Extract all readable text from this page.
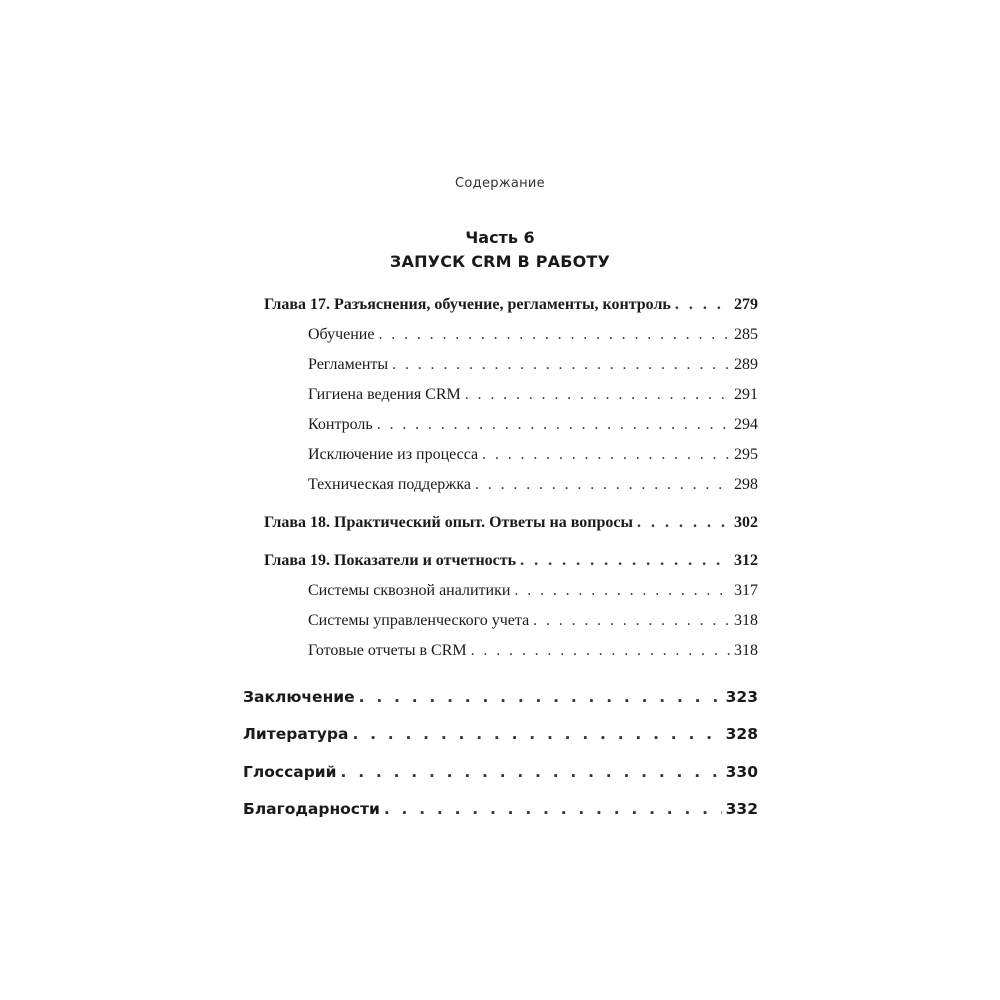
Содержание
Часть 6
ЗАПУСК CRM В РАБОТУ
Глава 17. Разъяснения, обучение, регламенты, контроль . . .	279
Обучение . . .	285
Регламенты . . .	289
Гигиена ведения CRM . . .	291
Контроль . . .	294
Исключение из процесса . . .	295
Техническая поддержка . . .	298
Глава 18. Практический опыт. Ответы на вопросы . . .	302
Глава 19. Показатели и отчетность . . .	312
Системы сквозной аналитики . . .	317
Системы управленческого учета . . .	318
Готовые отчеты в CRM . . .	318
Заключение . . .	323
Литература . . .	328
Глоссарий . . .	330
Благодарности . . .	332
